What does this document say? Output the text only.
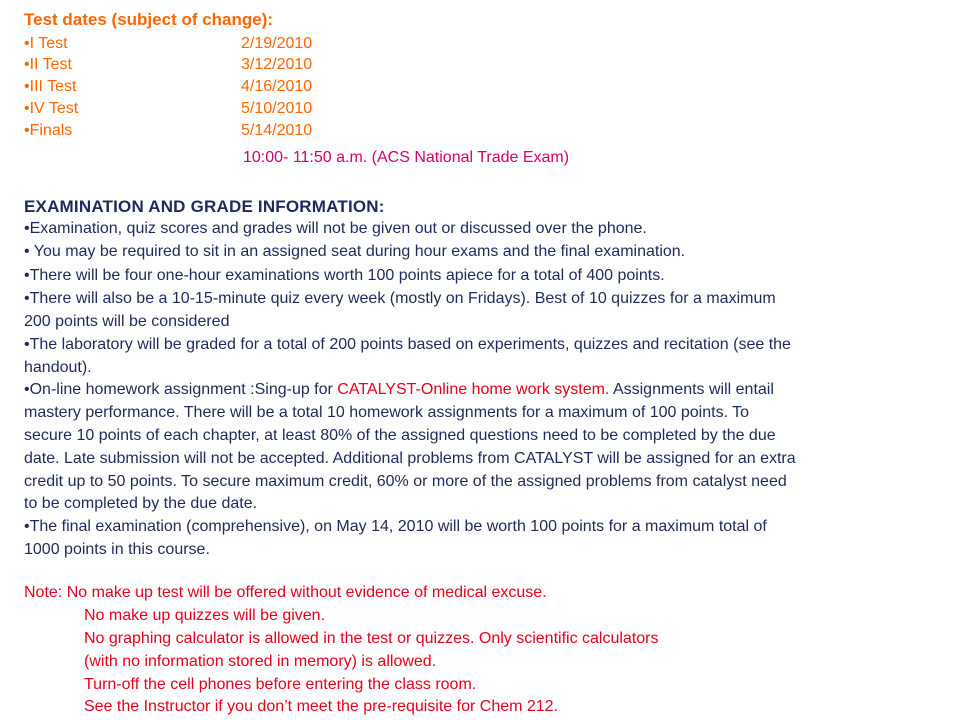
Test dates (subject of change):
•I Test	2/19/2010
•II Test	3/12/2010
•III Test	4/16/2010
•IV Test	5/10/2010
•Finals	5/14/2010
10:00- 11:50 a.m. (ACS National Trade Exam)
EXAMINATION AND GRADE INFORMATION:
•Examination, quiz scores and grades will not be given out or discussed over the phone.
• You may be required to sit in an assigned seat during hour exams and the final examination.
•There will be four one-hour examinations worth 100 points apiece for a total of 400 points.
•There will also be a 10-15-minute quiz every week (mostly on Fridays). Best of 10 quizzes for a maximum
200 points will be considered
•The laboratory will be graded for a total of 200 points based on experiments, quizzes and recitation (see the
handout).
•On-line homework assignment :Sing-up for CATALYST-Online home work system. Assignments will entail
mastery performance. There will be a total 10 homework assignments for a maximum of 100 points. To
secure 10 points of each chapter, at least 80% of the assigned questions need to be completed by the due
date. Late submission will not be accepted. Additional problems from CATALYST will be assigned for an extra
credit up to 50 points. To secure maximum credit, 60% or more of the assigned problems from catalyst need
to be completed by the due date.
•The final examination (comprehensive), on May 14, 2010 will be worth 100 points for a maximum total of
1000 points in this course.
Note: No make up test will be offered without evidence of medical excuse.
No make up quizzes will be given.
No graphing calculator is allowed in the test or quizzes. Only scientific calculators
(with no information stored in memory) is allowed.
Turn-off the cell phones before entering the class room.
See the Instructor if you don’t meet the pre-requisite for Chem 212.
